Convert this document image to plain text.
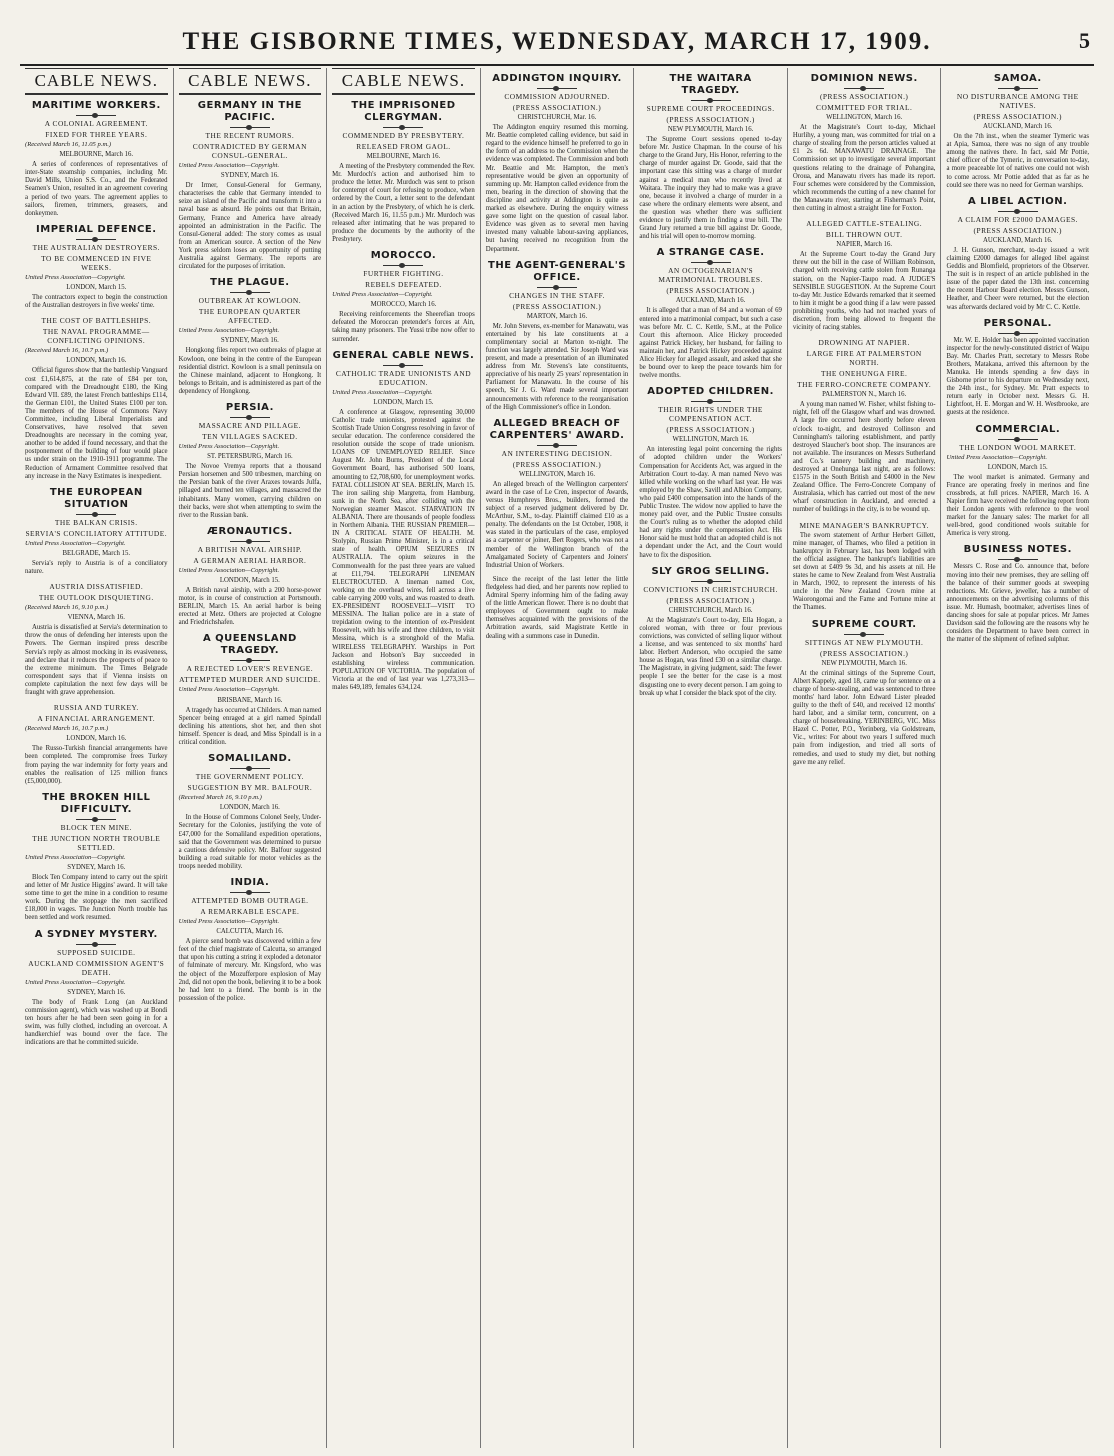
THE GISBORNE TIMES, WEDNESDAY, MARCH 17, 1909.	5
CABLE NEWS.
MARITIME WORKERS.
A COLONIAL AGREEMENT.
FIXED FOR THREE YEARS.
(Received March 16, 11.05 p.m.)
MELBOURNE, March 16.

A series of conferences of representatives of inter-State steamship companies, including Mr. David Mills, Union S.S. Co., and the Federated Seamen's Union, resulted in an agreement covering a period of two years. The agreement applies to sailors, firemen, trimmers, greasers, and donkeymen.

IMPERIAL DEFENCE.
THE AUSTRALIAN DESTROYERS.
TO BE COMMENCED IN FIVE WEEKS.
United Press Association—Copyright.
LONDON, March 15.

The contractors expect to begin the construction of the Australian destroyers in five weeks' time.

THE COST OF BATTLESHIPS.
THE NAVAL PROGRAMME—CONFLICTING OPINIONS.
(Received March 16, 10.7 p.m.)
LONDON, March 16.

Official figures show that the battleship Vanguard cost £1,614,875, at the rate of £84 per ton, compared with the Dreadnought £180, the King Edward VII. £89, the latest French battleships £114, the German £101, the United States £100 per ton. The members of the House of Commons Navy Committee, including Liberal Imperialists and Conservatives, have resolved that seven Dreadnoughts are necessary in the coming year, another to be added if found necessary, and that the postponement of the building of four would place us under strain on the 1910-1911 programme. The Reduction of Armament Committee resolved that any increase in the Navy Estimates is inexpedient.

THE EUROPEAN SITUATION
THE BALKAN CRISIS.
SERVIA'S CONCILIATORY ATTITUDE.
United Press Association—Copyright.
BELGRADE, March 15.

Servia's reply to Austria is of a conciliatory nature.

AUSTRIA DISSATISFIED.
THE OUTLOOK DISQUIETING.
(Received March 16, 9.10 p.m.)
VIENNA, March 16.

Austria is dissatisfied at Servia's determination to throw the onus of defending her interests upon the Powers. The German inspired press describe Servia's reply as almost mocking in its evasiveness, and declare that it reduces the prospects of peace to the extreme minimum. The Times Belgrade correspondent says that if Vienna insists on complete capitulation the next few days will be fraught with grave apprehension.

RUSSIA AND TURKEY.
A FINANCIAL ARRANGEMENT.
(Received March 16, 10.7 p.m.)
LONDON, March 16.

The Russo-Turkish financial arrangements have been completed. The compromise frees Turkey from paying the war indemnity for forty years and enables the realisation of 125 million francs (£5,000,000).

THE BROKEN HILL DIFFICULTY.
BLOCK TEN MINE.
THE JUNCTION NORTH TROUBLE SETTLED.
United Press Association—Copyright.
SYDNEY, March 16.

Block Ten Company intend to carry out the spirit and letter of Mr Justice Higgins' award. It will take some time to get the mine in a condition to resume work. During the stoppage the men sacrificed £18,000 in wages. The Junction North trouble has been settled and work resumed.

A SYDNEY MYSTERY.
SUPPOSED SUICIDE.
AUCKLAND COMMISSION AGENT'S DEATH.
United Press Association—Copyright.
SYDNEY, March 16.

The body of Frank Long (an Auckland commission agent), which was washed up at Bondi ten hours after he had been seen going in for a swim, was fully clothed, including an overcoat. A handkerchief was bound over the face. The indications are that he committed suicide.

CABLE NEWS.
GERMANY IN THE PACIFIC.
THE RECENT RUMORS.
CONTRADICTED BY GERMAN CONSUL-GENERAL.
United Press Association—Copyright.
SYDNEY, March 16.

Dr Irmer, Consul-General for Germany, characterises the cable that Germany intended to seize an island of the Pacific and transform it into a naval base as absurd. He points out that Britain, Germany, France and America have already appointed an administration in the Pacific. The Consul-General added: The story comes as usual from an American source. A section of the New York press seldom loses an opportunity of putting Australia against Germany. The reports are circulated for the purposes of irritation.

THE PLAGUE.
OUTBREAK AT KOWLOON.
THE EUROPEAN QUARTER AFFECTED.
United Press Association—Copyright.
SYDNEY, March 16.

Hongkong files report two outbreaks of plague at Kowloon, one being in the centre of the European residential district. Kowloon is a small peninsula on the Chinese mainland, adjacent to Hongkong. It belongs to Britain, and is administered as part of the dependency of Hongkong.

PERSIA.
MASSACRE AND PILLAGE.
TEN VILLAGES SACKED.
United Press Association—Copyright.
ST. PETERSBURG, March 16.

The Novoe Vremya reports that a thousand Persian horsemen and 500 tribesmen, marching on the Persian bank of the river Araxes towards Julfa, pillaged and burned ten villages, and massacred the inhabitants. Many women, carrying children on their backs, were shot when attempting to swim the river to the Russian bank.

ÆRONAUTICS.
A BRITISH NAVAL AIRSHIP.
A GERMAN AERIAL HARBOR.
United Press Association—Copyright.
LONDON, March 15.

A British naval airship, with a 200 horse-power motor, is in course of construction at Portsmouth. BERLIN, March 15. An aerial harbor is being erected at Metz. Others are projected at Cologne and Friedrichshafen.

A QUEENSLAND TRAGEDY.
A REJECTED LOVER'S REVENGE.
ATTEMPTED MURDER AND SUICIDE.
United Press Association—Copyright.
BRISBANE, March 16.

A tragedy has occurred at Childers. A man named Spencer being enraged at a girl named Spindall declining his attentions, shot her, and then shot himself. Spencer is dead, and Miss Spindall is in a critical condition.

SOMALILAND.
THE GOVERNMENT POLICY.
SUGGESTION BY MR. BALFOUR.
(Received March 16, 9.10 p.m.)
LONDON, March 16.

In the House of Commons Colonel Seely, Under-Secretary for the Colonies, justifying the vote of £47,000 for the Somaliland expedition operations, said that the Government was determined to pursue a cautious defensive policy. Mr. Balfour suggested building a road suitable for motor vehicles as the troops needed mobility.

INDIA.
ATTEMPTED BOMB OUTRAGE.
A REMARKABLE ESCAPE.
United Press Association—Copyright.
CALCUTTA, March 16.

A pierce send bomb was discovered within a few feet of the chief magistrate of Calcutta, so arranged that upon his cutting a string it exploded a detonator of fulminate of mercury. Mr. Kingsford, who was the object of the Mozufferpore explosion of May 2nd, did not open the book, believing it to be a book he had lent to a friend. The bomb is in the possession of the police.

CABLE NEWS.
THE IMPRISONED CLERGYMAN.
COMMENDED BY PRESBYTERY.
RELEASED FROM GAOL.
MELBOURNE, March 16.

A meeting of the Presbytery commended the Rev. Mr. Murdoch's action and authorised him to produce the letter. Mr. Murdoch was sent to prison for contempt of court for refusing to produce, when ordered by the Court, a letter sent to the defendant in an action by the Presbytery, of which he is clerk. (Received March 16, 11.55 p.m.) Mr. Murdoch was released after intimating that he was prepared to produce the documents by the authority of the Presbytery.

MOROCCO.
FURTHER FIGHTING.
REBELS DEFEATED.
United Press Association—Copyright.
MOROCCO, March 16.

Receiving reinforcements the Sheerefian troops defeated the Moroccan pretender's forces at Ain, taking many prisoners. The Yussi tribe now offer to surrender.

GENERAL CABLE NEWS.
CATHOLIC TRADE UNIONISTS AND EDUCATION.
United Press Association—Copyright.
LONDON, March 15.

A conference at Glasgow, representing 30,000 Catholic trade unionists, protested against the Scottish Trade Union Congress resolving in favor of secular education. The conference considered the resolution outside the scope of trade unionism. LOANS OF UNEMPLOYED RELIEF. Since August Mr. John Burns, President of the Local Government Board, has authorised 500 loans, amounting to £2,708,600, for unemployment works. FATAL COLLISION AT SEA. BERLIN, March 15. The iron sailing ship Margretta, from Hamburg, sunk in the North Sea, after colliding with the Norwegian steamer Mascot. STARVATION IN ALBANIA. There are thousands of people foodless in Northern Albania. THE RUSSIAN PREMIER—IN A CRITICAL STATE OF HEALTH. M. Stolypin, Russian Prime Minister, is in a critical state of health. OPIUM SEIZURES IN AUSTRALIA. The opium seizures in the Commonwealth for the past three years are valued at £11,794. TELEGRAPH LINEMAN ELECTROCUTED. A lineman named Cox, working on the overhead wires, fell across a live cable carrying 2000 volts, and was roasted to death. EX-PRESIDENT ROOSEVELT—VISIT TO MESSINA. The Italian police are in a state of trepidation owing to the intention of ex-President Roosevelt, with his wife and three children, to visit Messina, which is a stronghold of the Mafia. WIRELESS TELEGRAPHY. Warships in Port Jackson and Hobson's Bay succeeded in establishing wireless communication. POPULATION OF VICTORIA. The population of Victoria at the end of last year was 1,273,313—males 649,189, females 634,124.

ADDINGTON INQUIRY.
COMMISSION ADJOURNED.
(PRESS ASSOCIATION.)
CHRISTCHURCH, Mar. 16.

The Addington enquiry resumed this morning. Mr. Beattie completed calling evidence, but said in regard to the evidence himself he preferred to go in the form of an address to the Commission when the evidence was completed. The Commission and both Mr. Beattie and Mr. Hampton, the men's representative would be given an opportunity of summing up. Mr. Hampton called evidence from the men, bearing in the direction of showing that the discipline and activity at Addington is quite as marked as elsewhere. During the enquiry witness gave some light on the question of casual labor. Evidence was given as to several men having invested many valuable labour-saving appliances, but having received no recognition from the Department.

THE AGENT-GENERAL'S OFFICE.
CHANGES IN THE STAFF.
(PRESS ASSOCIATION.)
MARTON, March 16.

Mr. John Stevens, ex-member for Manawatu, was entertained by his late constituents at a complimentary social at Marton to-night. The function was largely attended. Sir Joseph Ward was present, and made a presentation of an illuminated address from Mr. Stevens's late constituents, appreciative of his nearly 25 years' representation in Parliament for Manawatu. In the course of his speech, Sir J. G. Ward made several important announcements with reference to the reorganisation of the High Commissioner's office in London.

ALLEGED BREACH OF CARPENTERS' AWARD.
AN INTERESTING DECISION.
(PRESS ASSOCIATION.)
WELLINGTON, March 16.

An alleged breach of the Wellington carpenters' award in the case of Le Cren, inspector of Awards, versus Humphreys Bros., builders, formed the subject of a reserved judgment delivered by Dr. McArthur, S.M., to-day. Plaintiff claimed £10 as a penalty. The defendants on the 1st October, 1908, it was stated in the particulars of the case, employed as a carpenter or joiner, Bert Rogers, who was not a member of the Wellington branch of the Amalgamated Society of Carpenters and Joiners' Industrial Union of Workers.

Since the receipt of the last letter the little fledgeless had died, and her parents now replied to Admiral Sperry informing him of the fading away of the little American flower. There is no doubt that employees of Government ought to make themselves acquainted with the provisions of the Arbitration awards, said Magistrate Kettle in dealing with a summons case in Dunedin.

THE WAITARA TRAGEDY.
SUPREME COURT PROCEEDINGS.
(PRESS ASSOCIATION.)
NEW PLYMOUTH, March 16.

The Supreme Court sessions opened to-day before Mr. Justice Chapman. In the course of his charge to the Grand Jury, His Honor, referring to the charge of murder against Dr. Goode, said that the important case this sitting was a charge of murder against a medical man who recently lived at Waitara. The inquiry they had to make was a grave one, because it involved a charge of murder in a case where the ordinary elements were absent, and the question was whether there was sufficient evidence to justify them in finding a true bill. The Grand Jury returned a true bill against Dr. Goode, and his trial will open to-morrow morning.

A STRANGE CASE.
AN OCTOGENARIAN'S MATRIMONIAL TROUBLES.
(PRESS ASSOCIATION.)
AUCKLAND, March 16.

It is alleged that a man of 84 and a woman of 69 entered into a matrimonial compact, but such a case was before Mr. C. C. Kettle, S.M., at the Police Court this afternoon. Alice Hickey proceeded against Patrick Hickey, her husband, for failing to maintain her, and Patrick Hickey proceeded against Alice Hickey for alleged assault, and asked that she be bound over to keep the peace towards him for twelve months.

ADOPTED CHILDREN.
THEIR RIGHTS UNDER THE COMPENSATION ACT.
(PRESS ASSOCIATION.)
WELLINGTON, March 16.

An interesting legal point concerning the rights of adopted children under the Workers' Compensation for Accidents Act, was argued in the Arbitration Court to-day. A man named Nevo was killed while working on the wharf last year. He was employed by the Shaw, Savill and Albion Company, who paid £400 compensation into the hands of the Public Trustee. The widow now applied to have the money paid over, and the Public Trustee consults the Court's ruling as to whether the adopted child had any rights under the compensation Act. His Honor said he must hold that an adopted child is not a dependant under the Act, and the Court would have to fix the disposition.

SLY GROG SELLING.
CONVICTIONS IN CHRISTCHURCH.
(PRESS ASSOCIATION.)
CHRISTCHURCH, March 16.

At the Magistrate's Court to-day, Ella Hogan, a colored woman, with three or four previous convictions, was convicted of selling liquor without a license, and was sentenced to six months' hard labor. Herbert Anderson, who occupied the same house as Hogan, was fined £30 on a similar charge. The Magistrate, in giving judgment, said: The fewer people I see the better for the case is a most disgusting one to every decent person. I am going to break up what I consider the black spot of the city.

DOMINION NEWS.
(PRESS ASSOCIATION.)
COMMITTED FOR TRIAL.
WELLINGTON, March 16.

At the Magistrate's Court to-day, Michael Hurlihy, a young man, was committed for trial on a charge of stealing from the person articles valued at £1 2s 6d. MANAWATU DRAINAGE. The Commission set up to investigate several important questions relating to the drainage of Pohangina, Oroua, and Manawatu rivers has made its report. Four schemes were considered by the Commission, which recommends the cutting of a new channel for the Manawatu river, starting at Fisherman's Point, then cutting in almost a straight line for Foxton.

ALLEGED CATTLE-STEALING.
BILL THROWN OUT.
NAPIER, March 16.

At the Supreme Court to-day the Grand Jury threw out the bill in the case of William Robinson, charged with receiving cattle stolen from Runanga station, on the Napier-Taupo road. A JUDGE'S SENSIBLE SUGGESTION. At the Supreme Court to-day Mr. Justice Edwards remarked that it seemed to him it might be a good thing if a law were passed prohibiting youths, who had not reached years of discretion, from being allowed to frequent the vicinity of racing stables.

DROWNING AT NAPIER.
LARGE FIRE AT PALMERSTON NORTH.
THE ONEHUNGA FIRE.
THE FERRO-CONCRETE COMPANY.
PALMERSTON N., March 16.

A young man named W. Fisher, whilst fishing to-night, fell off the Glasgow wharf and was drowned. A large fire occurred here shortly before eleven o'clock to-night, and destroyed Collinson and Cunningham's tailoring establishment, and partly destroyed Slaucher's boot shop. The insurances are not available. The insurances on Messrs Sutherland and Co.'s tannery building and machinery, destroyed at Onehunga last night, are as follows: £1575 in the South British and £4000 in the New Zealand Office. The Ferro-Concrete Company of Australasia, which has carried out most of the new wharf construction in Auckland, and erected a number of buildings in the city, is to be wound up.

MINE MANAGER'S BANKRUPTCY.

The sworn statement of Arthur Herbert Gillett, mine manager, of Thames, who filed a petition in bankruptcy in February last, has been lodged with the official assignee. The bankrupt's liabilities are set down at £409 9s 3d, and his assets at nil. He states he came to New Zealand from West Australia in March, 1902, to represent the interests of his uncle in the New Zealand Crown mine at Waiorongomai and the Fame and Fortune mine at the Thames.

SUPREME COURT.
SITTINGS AT NEW PLYMOUTH.
(PRESS ASSOCIATION.)
NEW PLYMOUTH, March 16.

At the criminal sittings of the Supreme Court, Albert Kappely, aged 18, came up for sentence on a charge of horse-stealing, and was sentenced to three months' hard labor. John Edward Lister pleaded guilty to the theft of £40, and received 12 months' hard labor, and a similar term, concurrent, on a charge of housebreaking. YERINBERG, VIC. Miss Hazel C. Potter, P.O., Yerinberg, via Goldstream, Vic., writes: For about two years I suffered much pain from indigestion, and tried all sorts of remedies, and used to study my diet, but nothing gave me any relief.

SAMOA.
NO DISTURBANCE AMONG THE NATIVES.
(PRESS ASSOCIATION.)
AUCKLAND, March 16.

On the 7th inst., when the steamer Tymeric was at Apia, Samoa, there was no sign of any trouble among the natives there. In fact, said Mr Pottie, chief officer of the Tymeric, in conversation to-day, a more peaceable lot of natives one could not wish to come across. Mr Pottie added that as far as he could see there was no need for German warships.

A LIBEL ACTION.
A CLAIM FOR £2000 DAMAGES.
(PRESS ASSOCIATION.)
AUCKLAND, March 16.

J. H. Gunson, merchant, to-day issued a writ claiming £2000 damages for alleged libel against Geddis and Blomfield, proprietors of the Observer. The suit is in respect of an article published in the issue of the paper dated the 13th inst. concerning the recent Harbour Board election. Messrs Gunson, Heather, and Cheer were returned, but the election was afterwards declared void by Mr C. C. Kettle.

PERSONAL.

Mr. W. E. Holder has been appointed vaccination inspector for the newly-constituted district of Waipu Bay. Mr. Charles Pratt, secretary to Messrs Robe Brothers, Matakana, arrived this afternoon by the Manuka. He intends spending a few days in Gisborne prior to his departure on Wednesday next, the 24th inst., for Sydney. Mr. Pratt expects to return early in October next. Messrs G. H. Lightfoot, H. E. Morgan and W. H. Westbrooke, are guests at the residence.

COMMERCIAL.
THE LONDON WOOL MARKET.
United Press Association—Copyright.
LONDON, March 15.

The wool market is animated. Germany and France are operating freely in merinos and fine crossbreds, at full prices. NAPIER, March 16. A Napier firm have received the following report from their London agents with reference to the wool market for the January sales: The market for all well-bred, good conditioned wools suitable for America is very strong.

BUSINESS NOTES.

Messrs C. Rose and Co. announce that, before moving into their new premises, they are selling off the balance of their summer goods at sweeping reductions. Mr. Grieve, jeweller, has a number of announcements on the advertising columns of this issue. Mr. Humash, bootmaker, advertises lines of dancing shoes for sale at popular prices. Mr James Davidson said the following are the reasons why he considers the Department to have been correct in the matter of the shipment of refined sulphur.
